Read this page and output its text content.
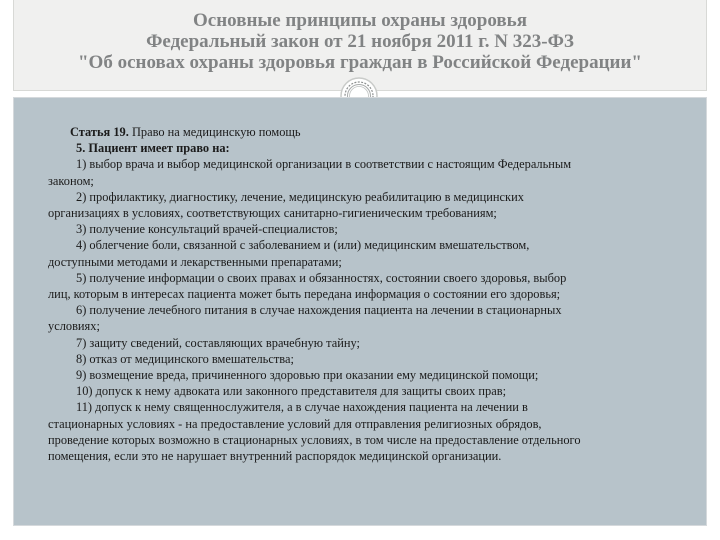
Основные принципы охраны здоровья
Федеральный закон от 21 ноября 2011 г. N 323-ФЗ
"Об основах охраны здоровья граждан в Российской Федерации"

Статья 19. Право на медицинскую помощь

5. Пациент имеет право на:

1) выбор врача и выбор медицинской организации в соответствии с настоящим Федеральным

законом;

2) профилактику, диагностику, лечение, медицинскую реабилитацию в медицинских

организациях в условиях, соответствующих санитарно-гигиеническим требованиям;

3) получение консультаций врачей-специалистов;

4) облегчение боли, связанной с заболеванием и (или) медицинским вмешательством,

доступными методами и лекарственными препаратами;

5) получение информации о своих правах и обязанностях, состоянии своего здоровья, выбор

лиц, которым в интересах пациента может быть передана информация о состоянии его здоровья;

6) получение лечебного питания в случае нахождения пациента на лечении в стационарных

условиях;

7) защиту сведений, составляющих врачебную тайну;

8) отказ от медицинского вмешательства;

9) возмещение вреда, причиненного здоровью при оказании ему медицинской помощи;

10) допуск к нему адвоката или законного представителя для защиты своих прав;

11) допуск к нему священнослужителя, а в случае нахождения пациента на лечении в

стационарных условиях - на предоставление условий для отправления религиозных обрядов,

проведение которых возможно в стационарных условиях, в том числе на предоставление отдельного

помещения, если это не нарушает внутренний распорядок медицинской организации.
